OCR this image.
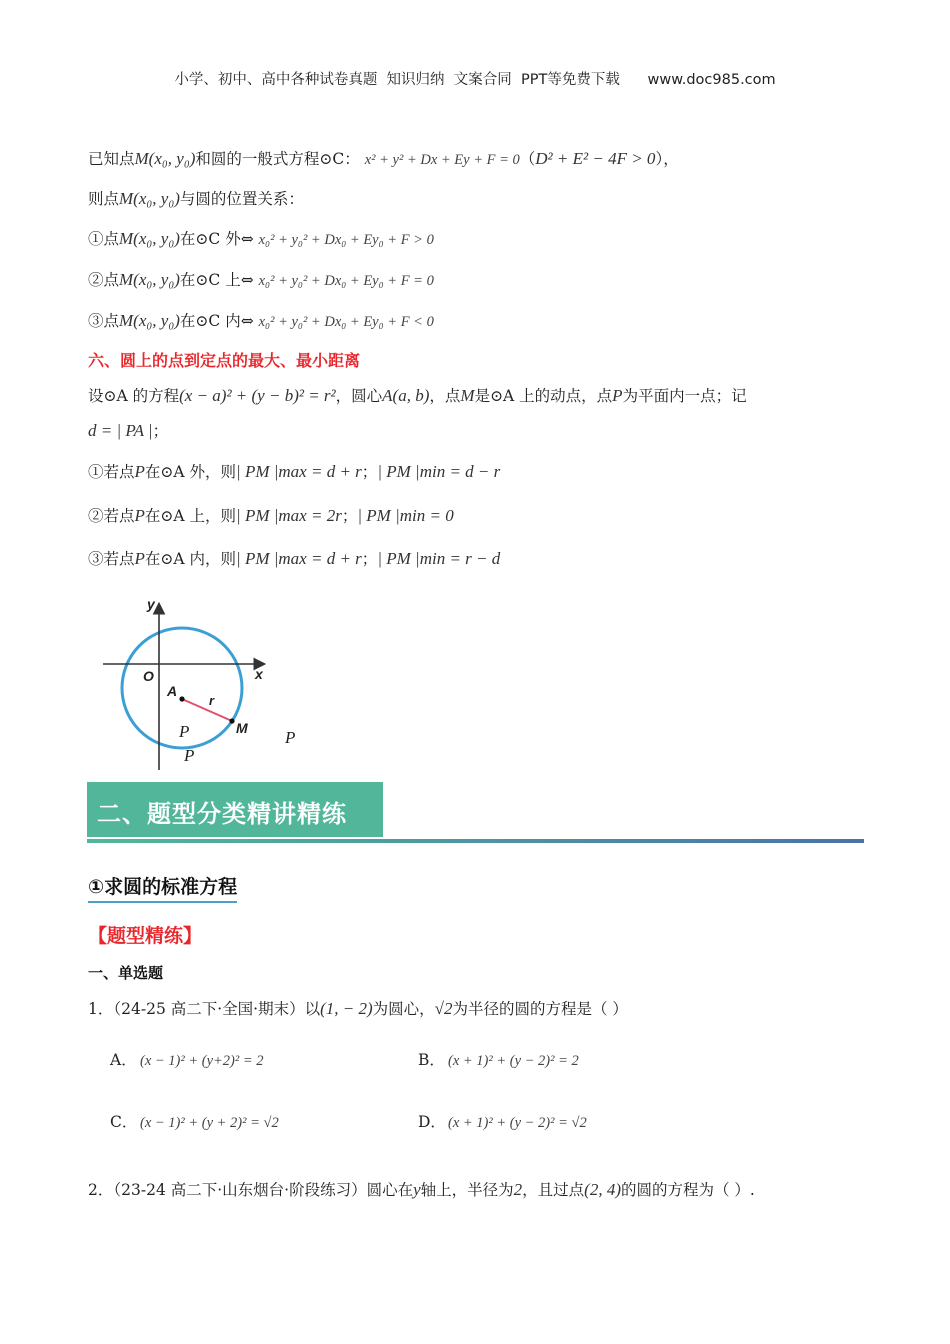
小学、初中、高中各种试卷真题  知识归纳  文案合同  PPT等免费下载      www.doc985.com
已知点M(x₀, y₀)和圆的一般式方程⊙C： x² + y² + Dx + Ey + F = 0（D² + E² − 4F > 0），
则点M(x₀, y₀)与圆的位置关系：
①点M(x₀, y₀)在⊙C 外⇔ x₀² + y₀² + Dx₀ + Ey₀ + F > 0
②点M(x₀, y₀)在⊙C 上⇔ x₀² + y₀² + Dx₀ + Ey₀ + F = 0
③点M(x₀, y₀)在⊙C 内⇔ x₀² + y₀² + Dx₀ + Ey₀ + F < 0
六、圆上的点到定点的最大、最小距离
设⊙A 的方程(x − a)² + (y − b)² = r²，圆心A(a, b)，点M是⊙A 上的动点，点P为平面内一点；记
d = | PA |；
①若点P在⊙A 外，则| PM |max = d + r；| PM |min = d − r
②若点P在⊙A 上，则| PM |max = 2r；| PM |min = 0
③若点P在⊙A 内，则| PM |max = d + r；| PM |min = r − d
y
x
O
A
r
M
P
P
P
二、题型分类精讲精练
①求圆的标准方程
【题型精练】
一、单选题
1．（24-25 高二下·全国·期末）以(1, − 2)为圆心，√2为半径的圆的方程是（ ）
A． (x − 1)² + (y+2)² = 2	B． (x + 1)² + (y − 2)² = 2
C． (x − 1)² + (y + 2)² = √2	D． (x + 1)² + (y − 2)² = √2
2．（23-24 高二下·山东烟台·阶段练习）圆心在y轴上，半径为2，且过点(2, 4)的圆的方程为（ ）.
